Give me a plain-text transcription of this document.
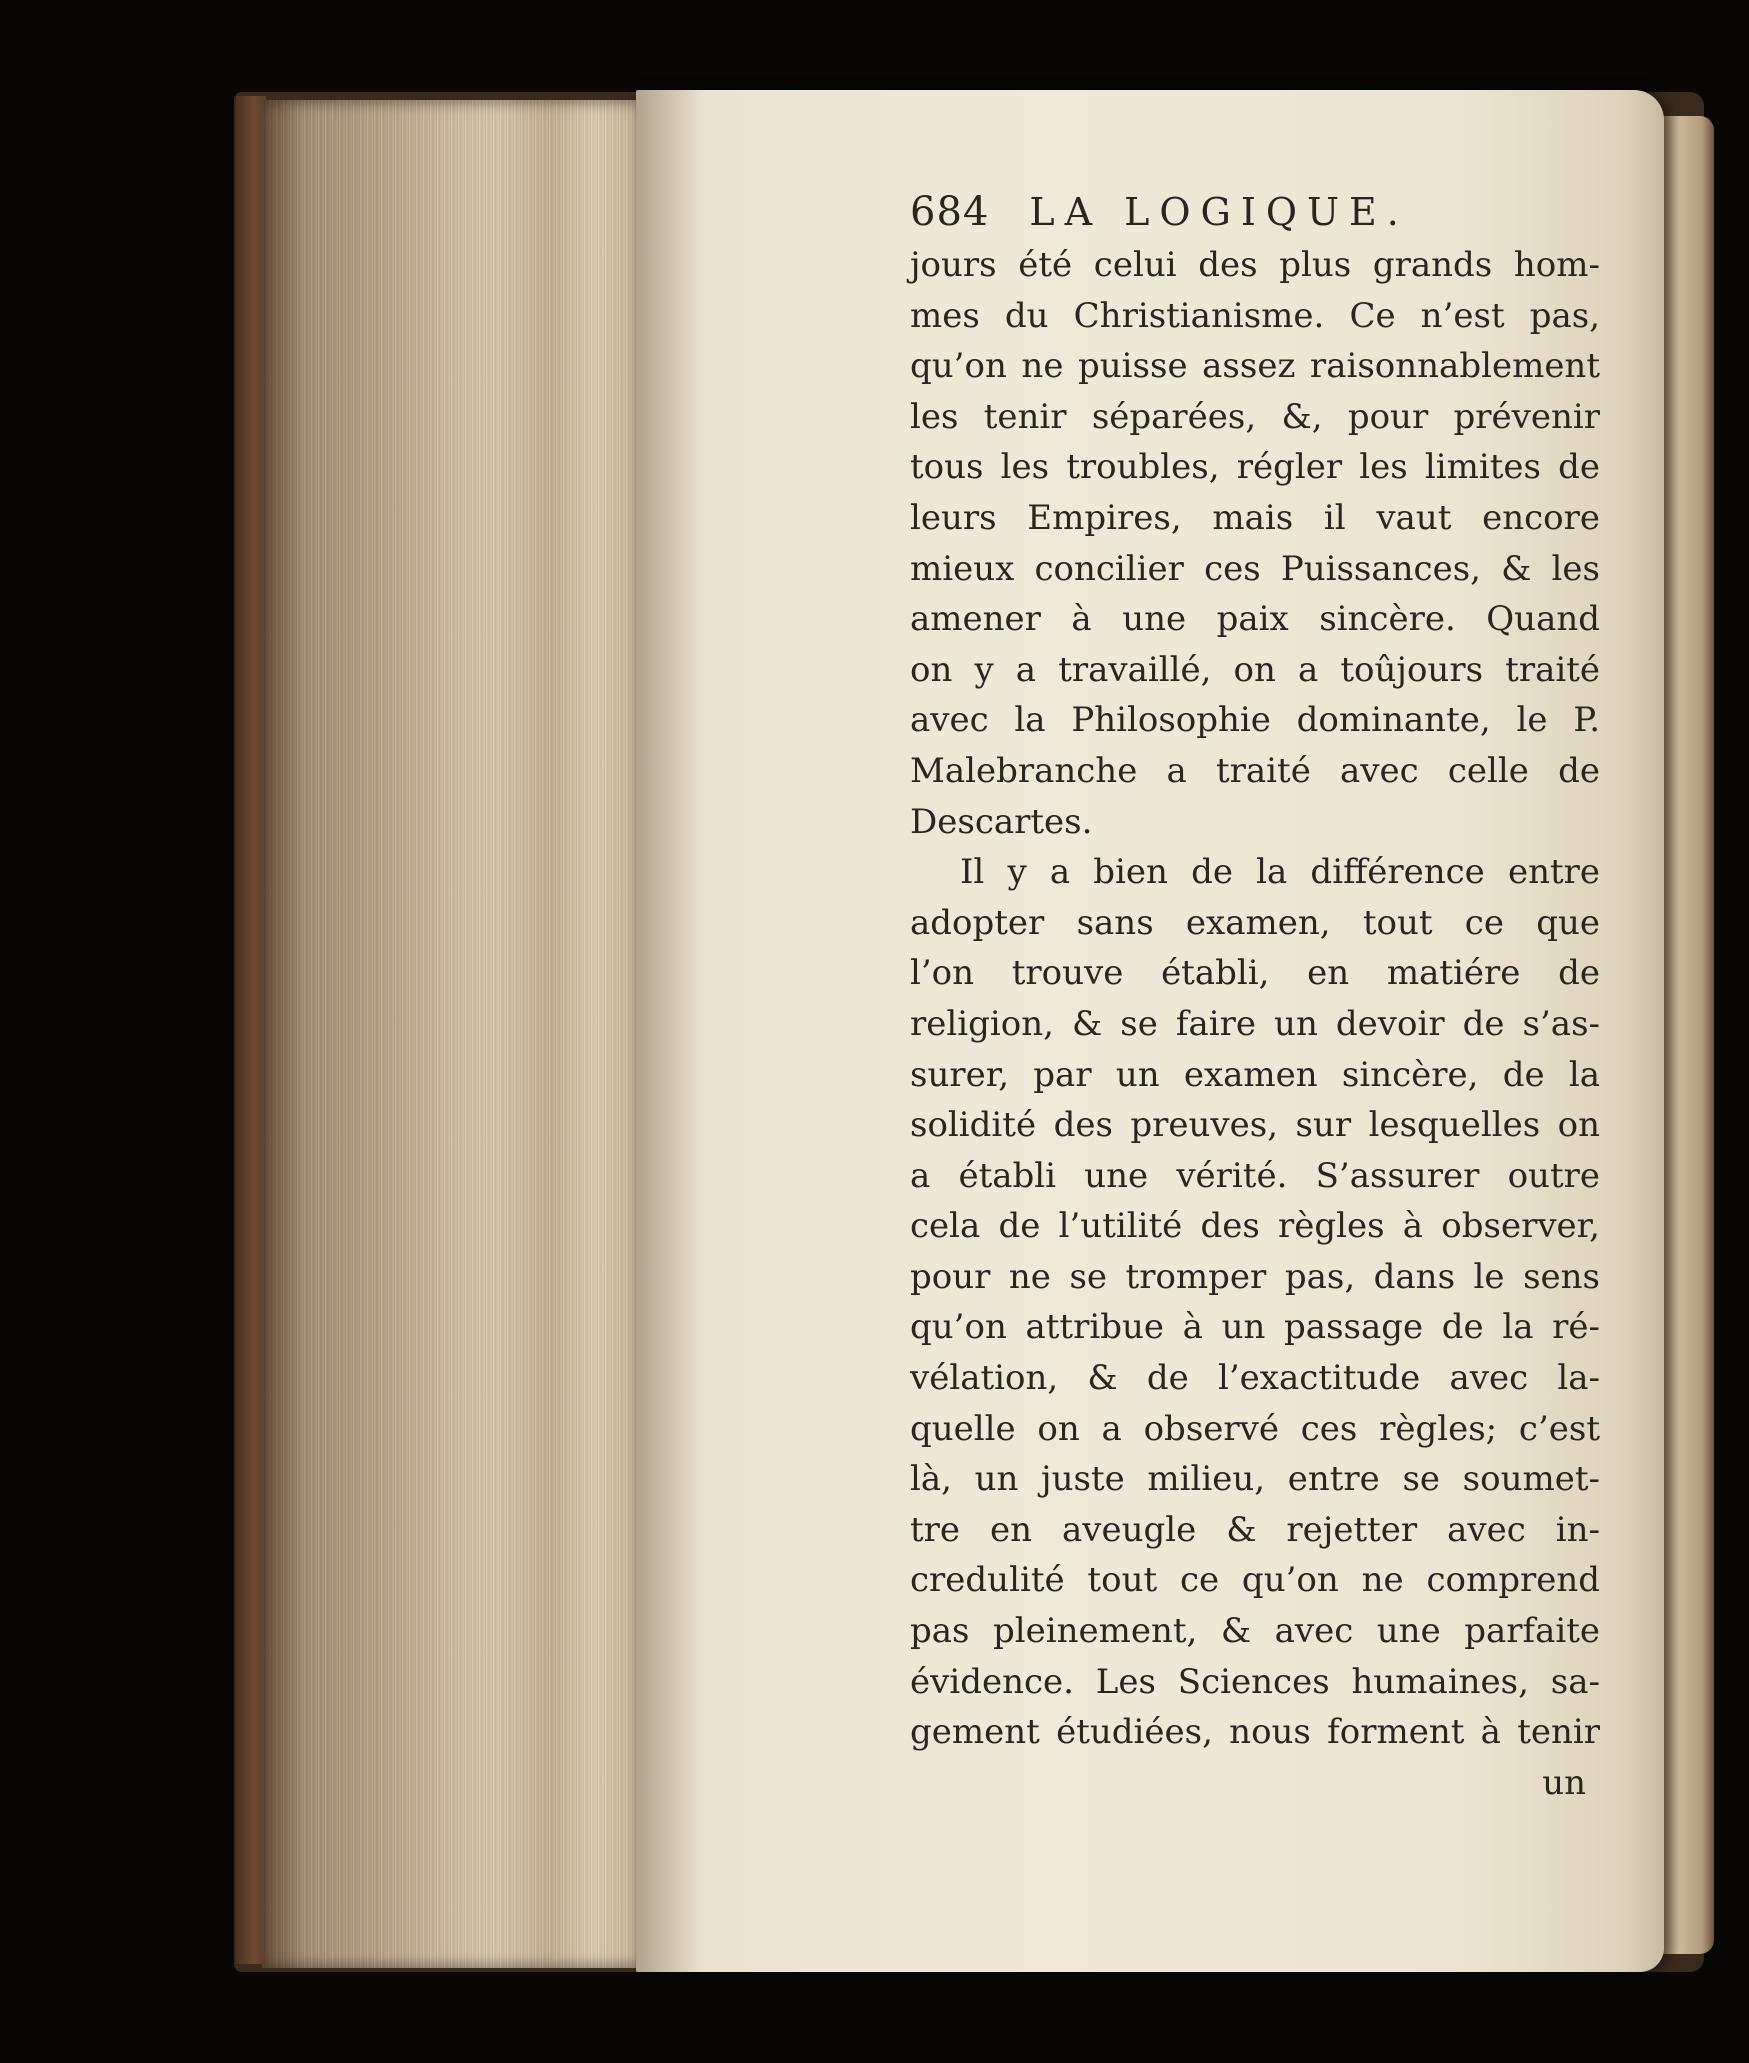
684 LA LOGIQUE.
jours été celui des plus grands hom-
mes du Christianisme. Ce n’est pas,
qu’on ne puisse assez raisonnablement
les tenir séparées, &, pour prévenir
tous les troubles, régler les limites de
leurs Empires, mais il vaut encore
mieux concilier ces Puissances, & les
amener à une paix sincère. Quand
on y a travaillé, on a toûjours traité
avec la Philosophie dominante, le P.
Malebranche a traité avec celle de
Descartes.
Il y a bien de la différence entre
adopter sans examen, tout ce que
l’on trouve établi, en matiére de
religion, & se faire un devoir de s’as-
surer, par un examen sincère, de la
solidité des preuves, sur lesquelles on
a établi une vérité. S’assurer outre
cela de l’utilité des règles à observer,
pour ne se tromper pas, dans le sens
qu’on attribue à un passage de la ré-
vélation, & de l’exactitude avec la-
quelle on a observé ces règles; c’est
là, un juste milieu, entre se soumet-
tre en aveugle & rejetter avec in-
credulité tout ce qu’on ne comprend
pas pleinement, & avec une parfaite
évidence. Les Sciences humaines, sa-
gement étudiées, nous forment à tenir
un
